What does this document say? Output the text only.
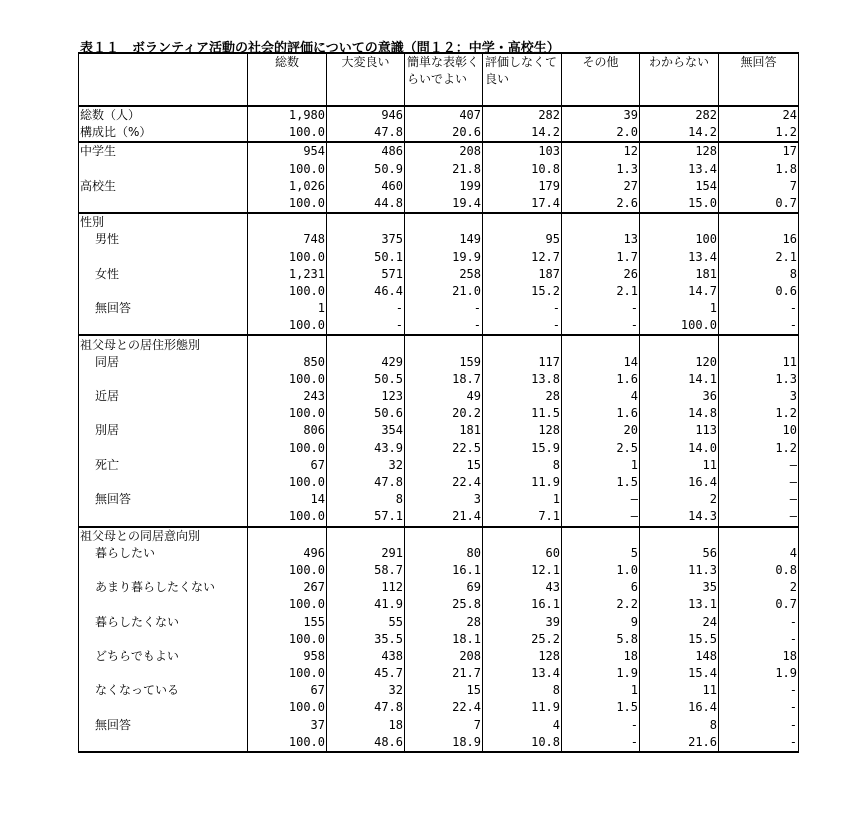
表１１　ボランティア活動の社会的評価についての意識（問１２：中学・高校生）
	総数	大変良い	簡単な表彰くらいでよい	評価しなくて良い	その他	わからない	無回答
総数（人）	1,980	946	407	282	39	282	24
構成比（%）	100.0	47.8	20.6	14.2	2.0	14.2	1.2
中学生	954	486	208	103	12	128	17
	100.0	50.9	21.8	10.8	1.3	13.4	1.8
高校生	1,026	460	199	179	27	154	7
	100.0	44.8	19.4	17.4	2.6	15.0	0.7
性別							
男性	748	375	149	95	13	100	16
	100.0	50.1	19.9	12.7	1.7	13.4	2.1
女性	1,231	571	258	187	26	181	8
	100.0	46.4	21.0	15.2	2.1	14.7	0.6
無回答	1	-	-	-	-	1	-
	100.0	-	-	-	-	100.0	-
祖父母との居住形態別							
同居	850	429	159	117	14	120	11
	100.0	50.5	18.7	13.8	1.6	14.1	1.3
近居	243	123	49	28	4	36	3
	100.0	50.6	20.2	11.5	1.6	14.8	1.2
別居	806	354	181	128	20	113	10
	100.0	43.9	22.5	15.9	2.5	14.0	1.2
死亡	67	32	15	8	1	11	—
	100.0	47.8	22.4	11.9	1.5	16.4	—
無回答	14	8	3	1	—	2	—
	100.0	57.1	21.4	7.1	—	14.3	—
祖父母との同居意向別							
暮らしたい	496	291	80	60	5	56	4
	100.0	58.7	16.1	12.1	1.0	11.3	0.8
あまり暮らしたくない	267	112	69	43	6	35	2
	100.0	41.9	25.8	16.1	2.2	13.1	0.7
暮らしたくない	155	55	28	39	9	24	-
	100.0	35.5	18.1	25.2	5.8	15.5	-
どちらでもよい	958	438	208	128	18	148	18
	100.0	45.7	21.7	13.4	1.9	15.4	1.9
なくなっている	67	32	15	8	1	11	-
	100.0	47.8	22.4	11.9	1.5	16.4	-
無回答	37	18	7	4	-	8	-
	100.0	48.6	18.9	10.8	-	21.6	-
